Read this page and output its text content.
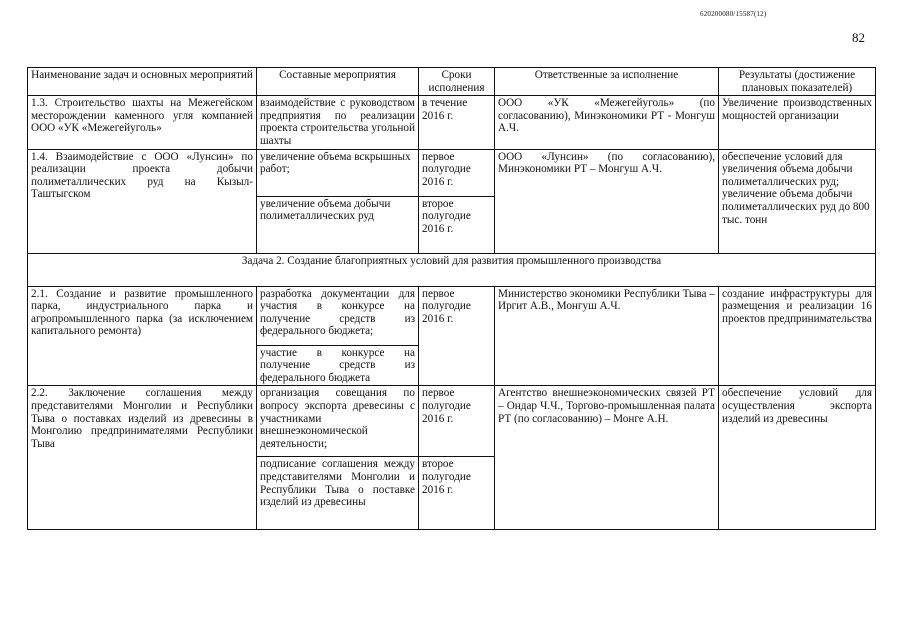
620200080/15587(12)
82
Наименование задач и основных мероприятий	Составные мероприятия	Сроки исполнения	Ответственные за исполнение	Результаты (достижение плановых показателей)
1.3. Строительство шахты на Межегейском месторождении каменного угля компанией ООО «УК «Межегейуголь»	взаимодействие с руководством предприятия по реализации проекта строительства угольной шахты	в течение 2016 г.	ООО «УК «Межегейуголь» (по согласованию), Минэкономики РТ - Монгуш А.Ч.	Увеличение производственных мощностей организации
1.4. Взаимодействие с ООО «Лунсин» по реализации проекта добычи полиметаллических руд на Кызыл-Таштыгском	увеличение объема вскрышных работ;	первое полугодие 2016 г.	ООО «Лунсин» (по согласованию), Минэкономики РТ – Монгуш А.Ч.	обеспечение условий для увеличения объема добычи полиметаллических руд; увеличение объема добычи полиметаллических руд до 800 тыс. тонн
	увеличение объема добычи полиметаллических руд	второе полугодие 2016 г.		
Задача 2. Создание благоприятных условий для развития промышленного производства				
2.1. Создание и развитие промышленного парка, индустриального парка и агропромышленного парка (за исключением капитального ремонта)	разработка документации для участия в конкурсе на получение средств из федерального бюджета;	первое полугодие 2016 г.	Министерство экономики Республики Тыва – Иргит А.В., Монгуш А.Ч.	создание инфраструктуры для размещения и реализации 16 проектов предпринимательства
	участие в конкурсе на получение средств из федерального бюджета			
2.2. Заключение соглашения между представителями Монголии и Республики Тыва о поставках изделий из древесины в Монголию предпринимателями Республики Тыва	организация совещания по вопросу экспорта древесины с участниками внешнеэкономической деятельности;	первое полугодие 2016 г.	Агентство внешнеэкономических связей РТ – Ондар Ч.Ч., Торгово-промышленная палата РТ (по согласованию) – Монге А.Н.	обеспечение условий для осуществления экспорта изделий из древесины
	подписание соглашения между представителями Монголии и Республики Тыва о поставке изделий из древесины	второе полугодие 2016 г.		
